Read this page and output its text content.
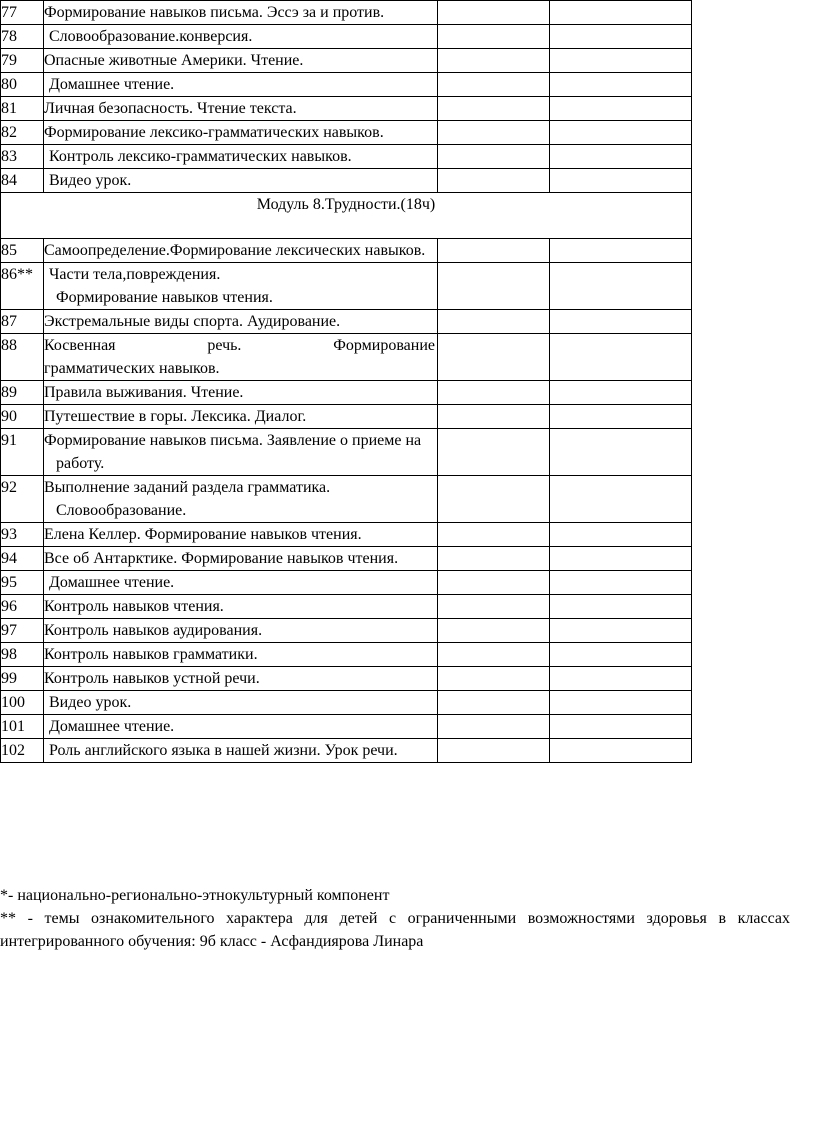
77	Формирование навыков письма. Эссэ за и против.		

78	Словообразование.конверсия.		

79	Опасные животные Америки. Чтение.		

80	Домашнее чтение.		

81	Личная безопасность. Чтение текста.		

82	Формирование лексико-грамматических навыков.		

83	Контроль лексико-грамматических навыков.		

84	Видео урок.		

Модуль 8.Трудности.(18ч)			

85	Самоопределение.Формирование лексических навыков.		

86**	Части тела,повреждения.
Формирование навыков чтения.		

87	Экстремальные виды спорта. Аудирование.		

88	Косвенная речь. Формирование
грамматических навыков.		

89	Правила выживания. Чтение.		

90	Путешествие в горы. Лексика. Диалог.		

91	Формирование навыков письма. Заявление о приеме на работу.		

92	Выполнение заданий раздела грамматика. Словообразование.		

93	Елена Келлер. Формирование навыков чтения.		

94	Все об Антарктике. Формирование навыков чтения.		

95	Домашнее чтение.		

96	Контроль навыков чтения.		

97	Контроль навыков аудирования.		

98	Контроль навыков грамматики.		

99	Контроль навыков устной речи.		

100	Видео урок.		

101	Домашнее чтение.		

102	Роль английского языка в нашей жизни. Урок речи.		

*- национально-регионально-этнокультурный компонент

** - темы ознакомительного характера для детей с ограниченными возможностями здоровья в классах интегрированного обучения: 9б класс - Асфандиярова Линара
